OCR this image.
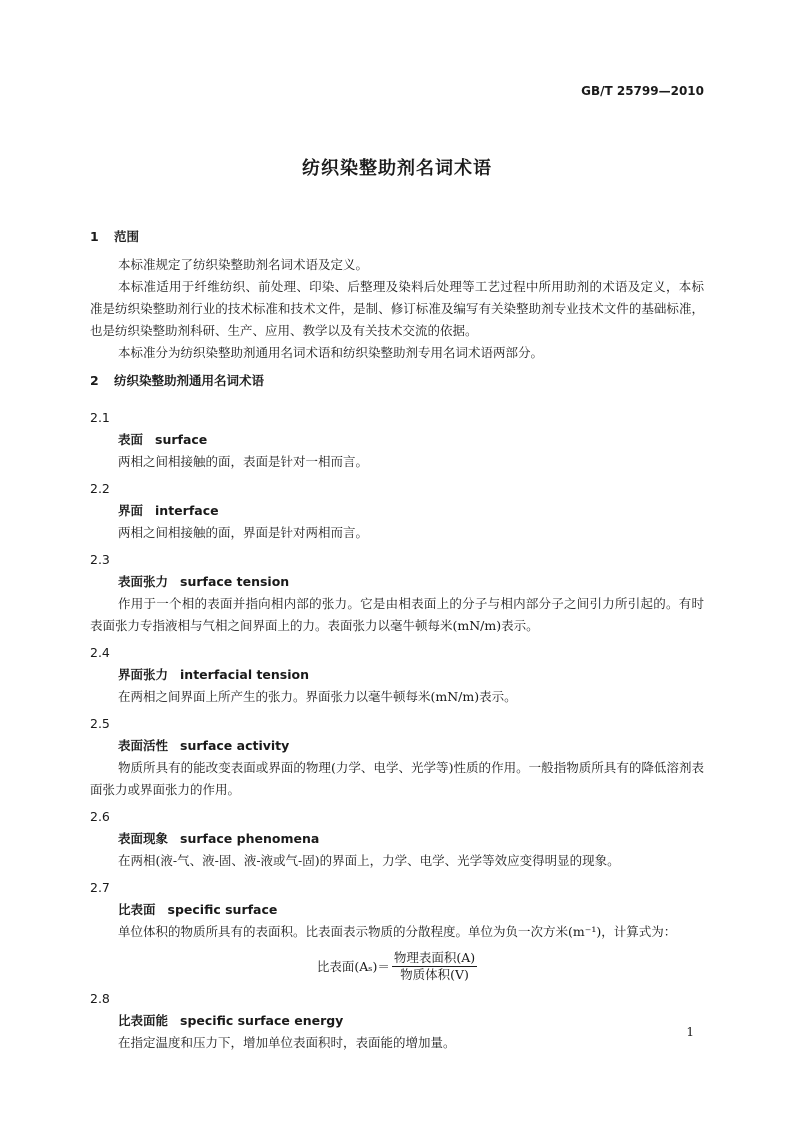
GB/T 25799—2010
纺织染整助剂名词术语
1 范围
本标准规定了纺织染整助剂名词术语及定义。
本标准适用于纤维纺织、前处理、印染、后整理及染料后处理等工艺过程中所用助剂的术语及定义，本标准是纺织染整助剂行业的技术标准和技术文件，是制、修订标准及编写有关染整助剂专业技术文件的基础标准，也是纺织染整助剂科研、生产、应用、教学以及有关技术交流的依据。
本标准分为纺织染整助剂通用名词术语和纺织染整助剂专用名词术语两部分。
2 纺织染整助剂通用名词术语
2.1
表面 surface
两相之间相接触的面，表面是针对一相而言。
2.2
界面 interface
两相之间相接触的面，界面是针对两相而言。
2.3
表面张力 surface tension
作用于一个相的表面并指向相内部的张力。它是由相表面上的分子与相内部分子之间引力所引起的。有时表面张力专指液相与气相之间界面上的力。表面张力以毫牛顿每米(mN/m)表示。
2.4
界面张力 interfacial tension
在两相之间界面上所产生的张力。界面张力以毫牛顿每米(mN/m)表示。
2.5
表面活性 surface activity
物质所具有的能改变表面或界面的物理(力学、电学、光学等)性质的作用。一般指物质所具有的降低溶剂表面张力或界面张力的作用。
2.6
表面现象 surface phenomena
在两相(液-气、液-固、液-液或气-固)的界面上，力学、电学、光学等效应变得明显的现象。
2.7
比表面 specific surface
单位体积的物质所具有的表面积。比表面表示物质的分散程度。单位为负一次方米(m⁻¹)，计算式为：
比表面$(A_s)= \frac{\text{物理表面积(A)}}{\text{物质体积(V)}}$
2.8
比表面能 specific surface energy
在指定温度和压力下，增加单位表面积时，表面能的增加量。
1
